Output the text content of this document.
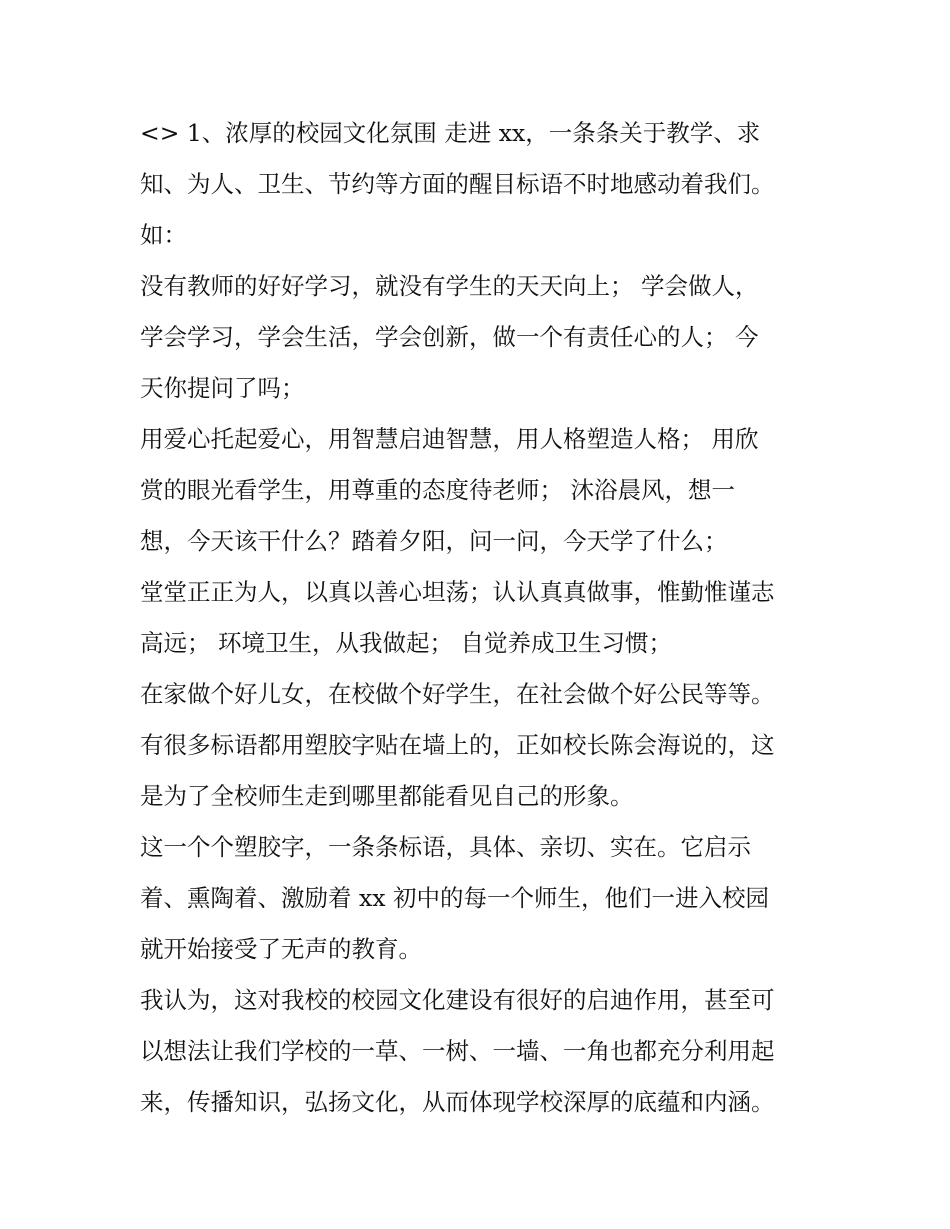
<> 1、浓厚的校园文化氛围 走进 xx，一条条关于教学、求
知、为人、卫生、节约等方面的醒目标语不时地感动着我们。
如：
没有教师的好好学习，就没有学生的天天向上； 学会做人，
学会学习，学会生活，学会创新，做一个有责任心的人； 今
天你提问了吗；
用爱心托起爱心，用智慧启迪智慧，用人格塑造人格； 用欣
赏的眼光看学生，用尊重的态度待老师； 沐浴晨风，想一
想，今天该干什么？踏着夕阳，问一问，今天学了什么；
堂堂正正为人，以真以善心坦荡；认认真真做事，惟勤惟谨志
高远； 环境卫生，从我做起； 自觉养成卫生习惯；
在家做个好儿女，在校做个好学生，在社会做个好公民等等。
有很多标语都用塑胶字贴在墙上的，正如校长陈会海说的，这
是为了全校师生走到哪里都能看见自己的形象。
这一个个塑胶字，一条条标语，具体、亲切、实在。它启示
着、熏陶着、激励着 xx 初中的每一个师生，他们一进入校园
就开始接受了无声的教育。
我认为，这对我校的校园文化建设有很好的启迪作用，甚至可
以想法让我们学校的一草、一树、一墙、一角也都充分利用起
来，传播知识，弘扬文化，从而体现学校深厚的底蕴和内涵。
